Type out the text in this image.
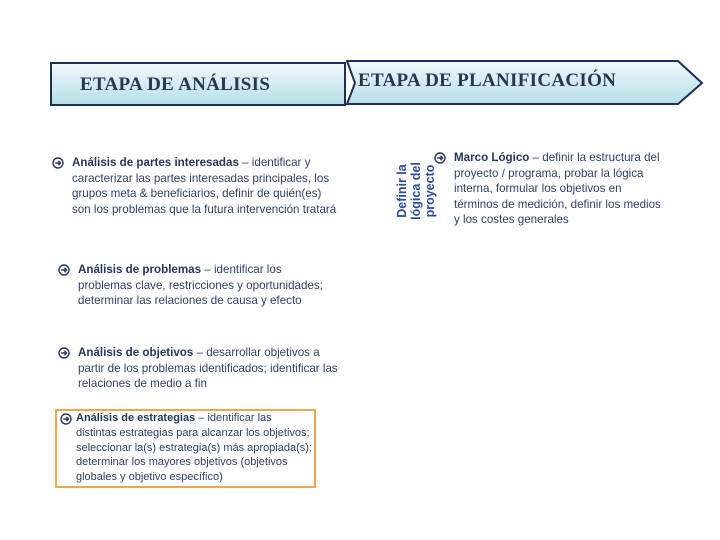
ETAPA DE ANÁLISIS	ETAPA DE PLANIFICACIÓN
Análisis de partes interesadas – identificar y caracterizar las partes interesadas principales, los grupos meta & beneficiarios, definir de quién(es) son los problemas que la futura intervención tratará
Análisis de problemas – identificar los problemas clave, restricciones y oportunidades; determinar las relaciones de causa y efecto
Análisis de objetivos – desarrollar objetivos a partir de los problemas identificados; identificar las relaciones de medio a fin
Análisis de estrategias – identificar las distintas estrategias para alcanzar los objetivos; seleccionar la(s) estrategia(s) más apropiada(s); determinar los mayores objetivos (objetivos globales y objetivo específico)
Definir la lógica del proyecto
Marco Lógico – definir la estructura del proyecto / programa, probar la lógica interna, formular los objetivos en términos de medición, definir los medios y los costes generales
